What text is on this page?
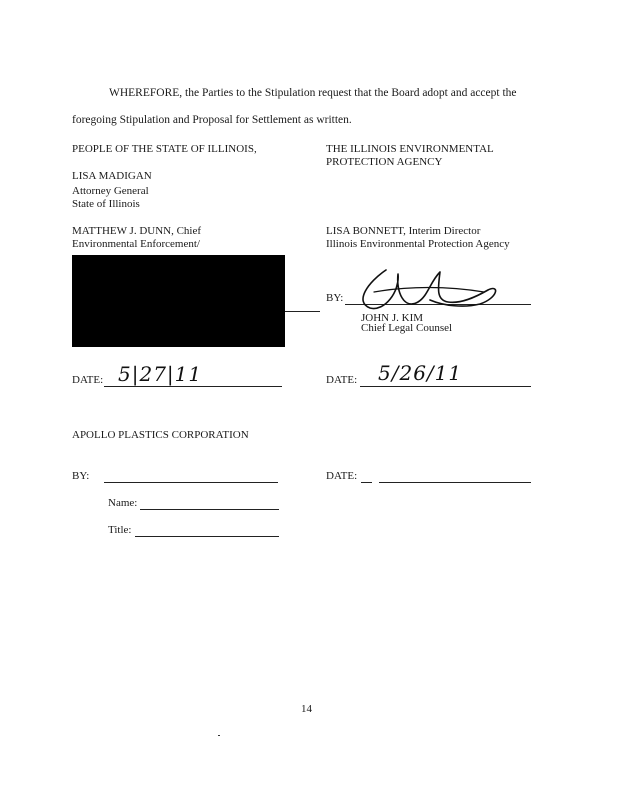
WHEREFORE, the Parties to the Stipulation request that the Board adopt and accept the
foregoing Stipulation and Proposal for Settlement as written.
PEOPLE OF THE STATE OF ILLINOIS,
LISA MADIGAN
Attorney General
State of Illinois
MATTHEW J. DUNN, Chief
Environmental Enforcement/
DATE: 5|27|11
THE ILLINOIS ENVIRONMENTAL
PROTECTION AGENCY
LISA BONNETT, Interim Director
Illinois Environmental Protection Agency
BY:
JOHN J. KIM
Chief Legal Counsel
DATE: 5/26/11
APOLLO PLASTICS CORPORATION
BY:	DATE:
Name:
Title:
14
